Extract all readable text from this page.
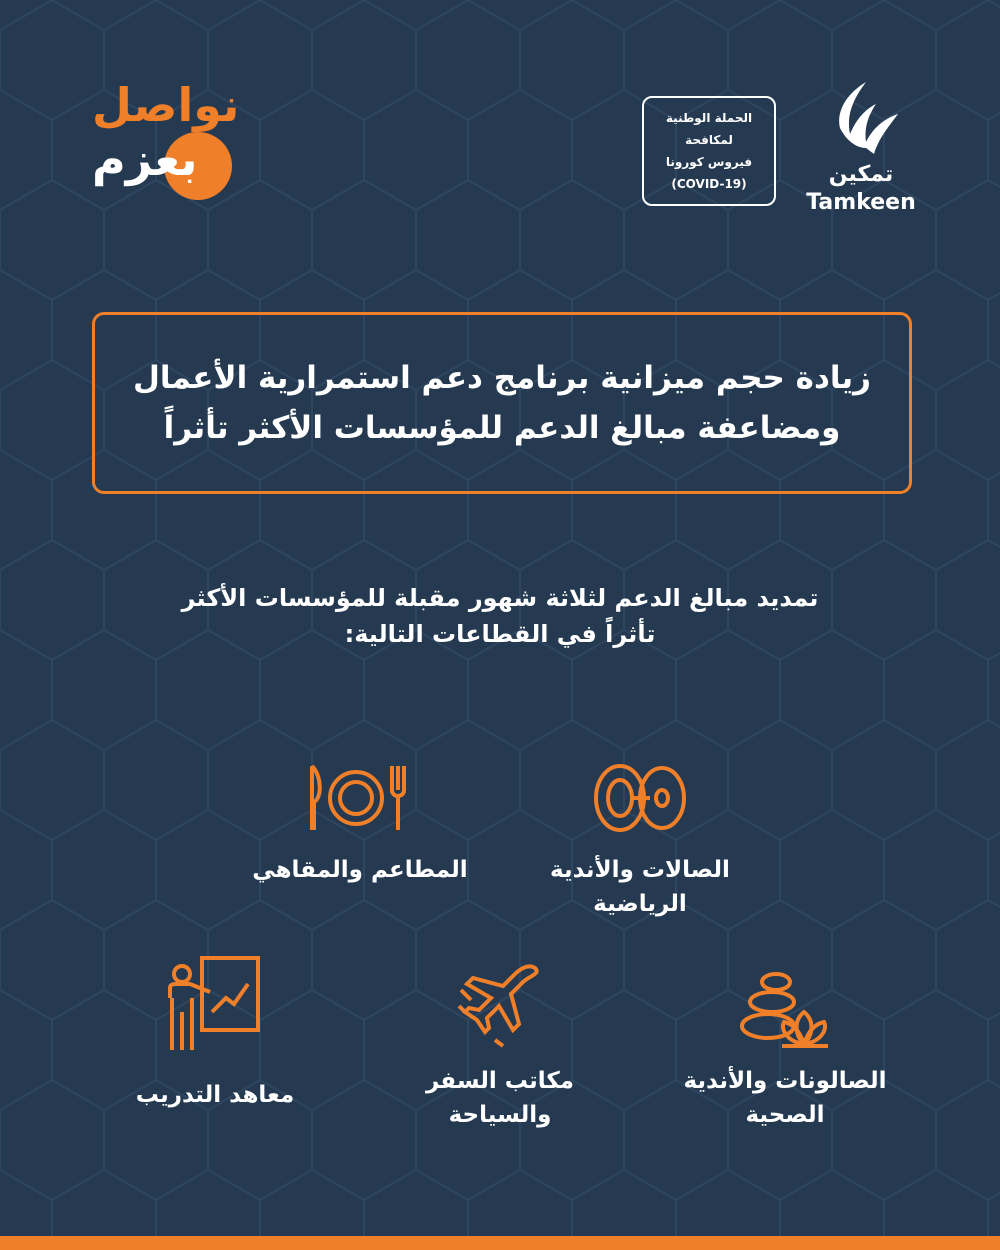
نواصل
بعزم
الحملة الوطنية
لمكافحة
فيروس كورونا
(COVID-19)	تمكين
Tamkeen
زيادة حجم ميزانية برنامج دعم استمرارية الأعمال
ومضاعفة مبالغ الدعم للمؤسسات الأكثر تأثراً
تمديد مبالغ الدعم لثلاثة شهور مقبلة للمؤسسات الأكثر
تأثراً في القطاعات التالية:
الصالات والأندية
الرياضية
المطاعم والمقاهي
الصالونات والأندية
الصحية
مكاتب السفر
والسياحة
معاهد التدريب
